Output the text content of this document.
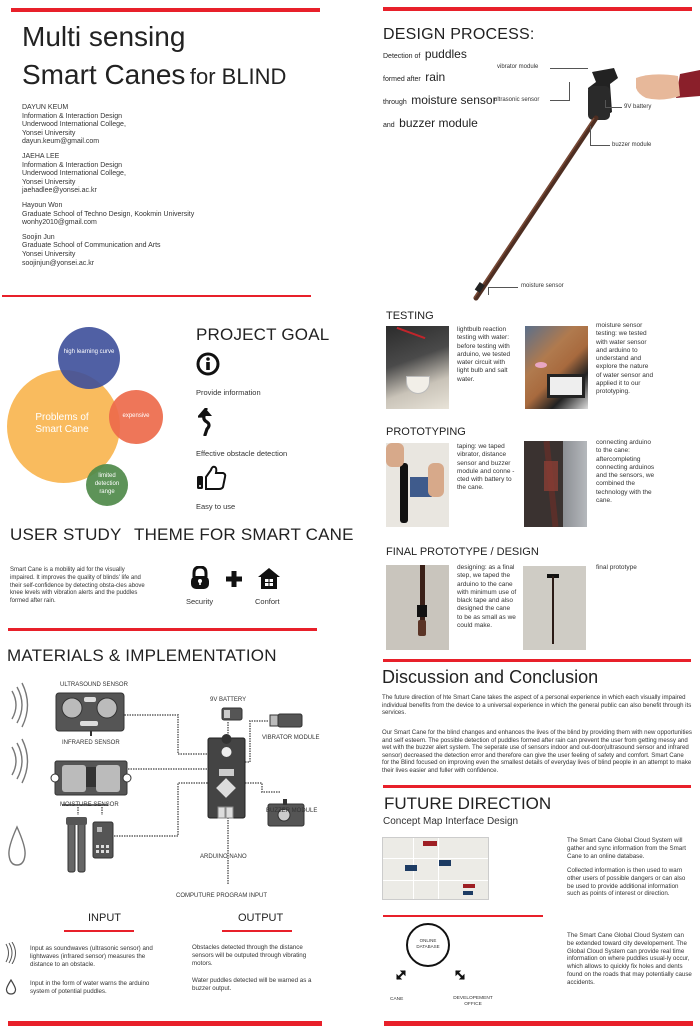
Multi sensing
Smart Canes for BLIND
DAYUN KEUM
Information & Interaction Design
Underwood International College,
Yonsei University
dayun.keum@gmail.com
JAEHA LEE
Information & Interaction Design
Underwood International College,
Yonsei University
jaehadlee@yonsei.ac.kr
Hayoun Won
Graduate School of Techno Design, Kookmin University
wonhy2010@gmail.com
Soojin Jun
Graduate School of Communication and Arts
Yonsei University
soojinjun@yonsei.ac.kr
Problems of Smart Cane
high learning curve
expensive
limited detection range
PROJECT GOAL
Provide information
Effective obstacle detection
Easy to use
USER STUDY THEME FOR SMART CANE
Smart Cane is a mobility aid for the visually impaired. It improves the quality of blinds' life and their self-confidence by detecting obsta-cles above knee levels with vibration alerts and the puddles formed after rain.	Security	Confort
MATERIALS & IMPLEMENTATION
ULTRASOUND SENSOR
INFRARED SENSOR
MOISTURE SENSOR
9V BATTERY
VIBRATOR MODULE
BUZZER MODULE
ARDUINO NANO
COMPUTURE PROGRAM INPUT
INPUT	OUTPUT
Input as soundwaves (ultrasonic sensor) and lightwaves (infrared sensor) measures the distance to an obstacle.
Input in the form of water warns the arduino system of potential puddles.
Obstacles detected through the distance sensors will be outputed through vibrating motors.
Water puddles detected will be warned as a buzzer output.
DESIGN PROCESS:
Detection of puddles
formed after rain
through moisture sensor
and buzzer module
vibrator module
ultrasonic sensor
9V battery
buzzer module
moisture sensor
TESTING
lightbulb reaction testing with water: before testing with arduino, we tested water circuit with light bulb and salt water.
moisture sensor testing: we tested with water sensor and arduino to understand and explore the nature of water sensor and applied it to our prototyping.
PROTOTYPING
taping: we taped vibrator, distance sensor and buzzer module and conne -cted with battery to the cane.
connecting arduino to the cane: aftercompleting connecting arduinos and the sensors, we combined the technology with the cane.
FINAL PROTOTYPE / DESIGN
designing: as a final step, we taped the arduino to the cane with minimum use of black tape and also designed the cane to be as small as we could make.
final prototype
Discussion and Conclusion
The future direction of hte Smart Cane takes the aspect of a personal experience in which each visually impaired individual benefits from the device to a universal experience in which the general public can also benefit through its services.
Our Smart Cane for the blind changes and enhances the lives of the blind by providing them with new opportunities and self esteem. The possible detection of puddles formed after rain can prevent the user from getting messy and wet with the buzzer alert system. The seperate use of sensors indoor and out-door(ultrasound sensor and infrared sensor) decreased the detection error and therefore can give the user feeling of safety and comfort. Smart Cane for the Blind focused on improving even the smallest details of everyday lives of blind people in an attempt to make their lives easier and fuller with confidence.
FUTURE DIRECTION
Concept Map Interface Design
The Smart Cane Global Cloud System will gather and sync information from the Smart Cane to an online database.
Collected information is then used to warn other users of possible dangers or can also be used to provide additional information such as points of interest or direction.
ONLINE DATABASE
CANE	DEVELOPEMENT OFFICE
The Smart Cane Global Cloud System can be extended toward city developement. The Global Cloud System can provide real time information on where puddles usual-ly occur, which allows to quickly fix holes and dents found on the roads that may potentially cause accidents.
